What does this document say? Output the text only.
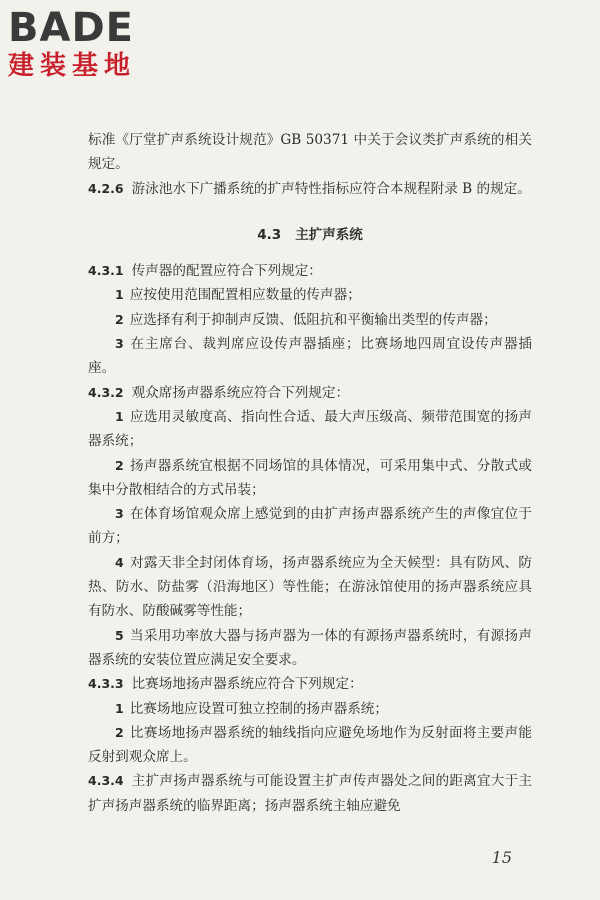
BADE
建装基地

标准《厅堂扩声系统设计规范》GB 50371 中关于会议类扩声系统的相关规定。

4.2.6 游泳池水下广播系统的扩声特性指标应符合本规程附录 B 的规定。

4.3 主扩声系统

4.3.1 传声器的配置应符合下列规定：

1 应按使用范围配置相应数量的传声器；

2 应选择有利于抑制声反馈、低阻抗和平衡输出类型的传声器；

3 在主席台、裁判席应设传声器插座；比赛场地四周宜设传声器插座。

4.3.2 观众席扬声器系统应符合下列规定：

1 应选用灵敏度高、指向性合适、最大声压级高、频带范围宽的扬声器系统；

2 扬声器系统宜根据不同场馆的具体情况，可采用集中式、分散式或集中分散相结合的方式吊装；

3 在体育场馆观众席上感觉到的由扩声扬声器系统产生的声像宜位于前方；

4 对露天非全封闭体育场，扬声器系统应为全天候型：具有防风、防热、防水、防盐雾（沿海地区）等性能；在游泳馆使用的扬声器系统应具有防水、防酸碱雾等性能；

5 当采用功率放大器与扬声器为一体的有源扬声器系统时，有源扬声器系统的安装位置应满足安全要求。

4.3.3 比赛场地扬声器系统应符合下列规定：

1 比赛场地应设置可独立控制的扬声器系统；

2 比赛场地扬声器系统的轴线指向应避免场地作为反射面将主要声能反射到观众席上。

4.3.4 主扩声扬声器系统与可能设置主扩声传声器处之间的距离宜大于主扩声扬声器系统的临界距离；扬声器系统主轴应避免

15
